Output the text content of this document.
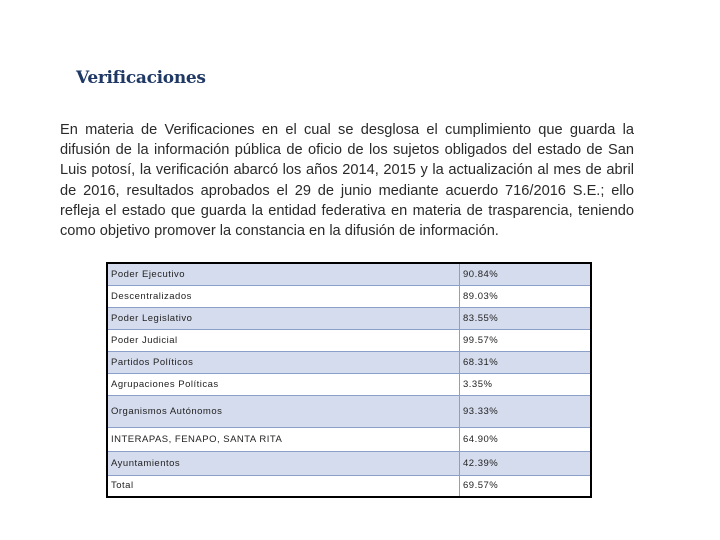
Verificaciones
En materia de Verificaciones en el cual se desglosa el cumplimiento que guarda la difusión de la información pública de oficio de los sujetos obligados del estado de San Luis potosí, la verificación abarcó los años 2014, 2015 y la actualización al mes de abril de 2016, resultados aprobados el 29 de junio mediante acuerdo 716/2016 S.E.; ello refleja el estado que guarda la entidad federativa en materia de trasparencia, teniendo como objetivo promover la constancia en la difusión de información.
Poder Ejecutivo	90.84%
Descentralizados	89.03%
Poder Legislativo	83.55%
Poder Judicial	99.57%
Partidos Políticos	68.31%
Agrupaciones Políticas	3.35%
Organismos Autónomos	93.33%
INTERAPAS, FENAPO, SANTA RITA	64.90%
Ayuntamientos	42.39%
Total	69.57%
